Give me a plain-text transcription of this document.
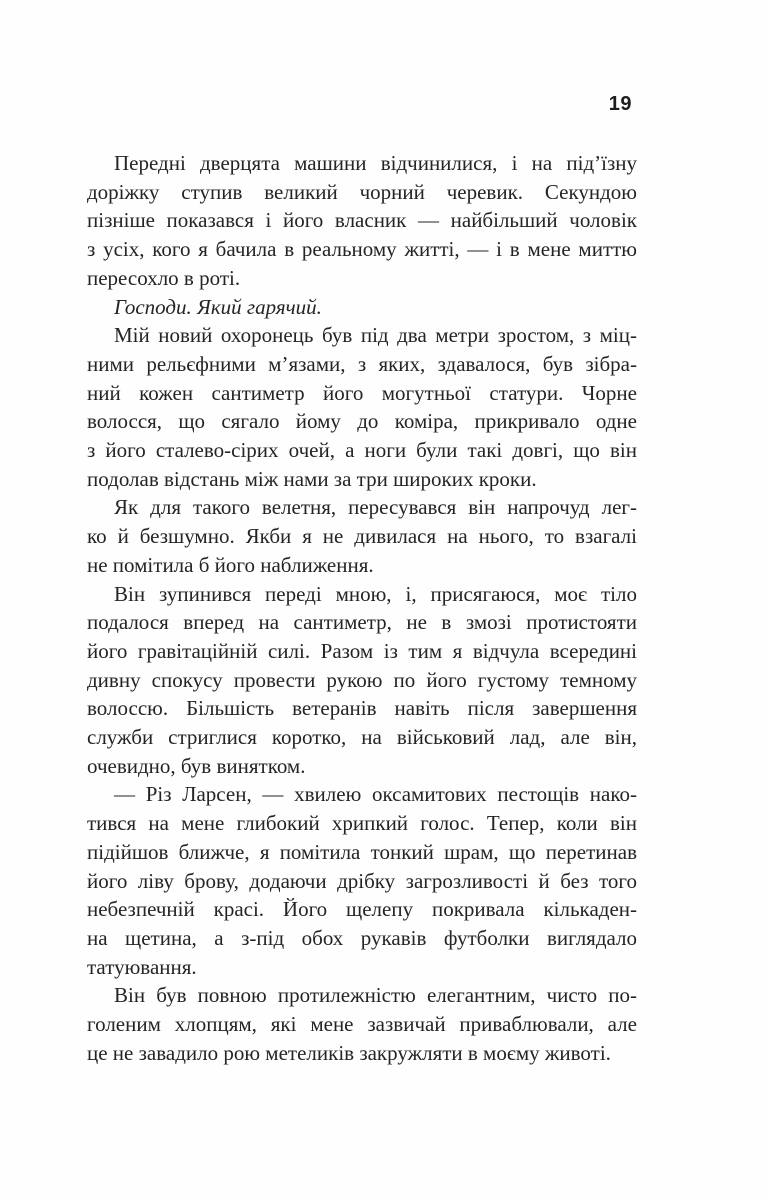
19

Передні дверцята машини відчинилися, і на під’їзну
доріжку ступив великий чорний черевик. Секундою
пізніше показався і його власник — найбільший чоловік
з усіх, кого я бачила в реальному житті, — і в мене миттю
пересохло в роті.

Господи. Який гарячий.

Мій новий охоронець був під два метри зростом, з міц-
ними рельєфними м’язами, з яких, здавалося, був зібра-
ний кожен сантиметр його могутньої статури. Чорне
волосся, що сягало йому до коміра, прикривало одне
з його сталево-сірих очей, а ноги були такі довгі, що він
подолав відстань між нами за три широких кроки.

Як для такого велетня, пересувався він напрочуд лег-
ко й безшумно. Якби я не дивилася на нього, то взагалі
не помітила б його наближення.

Він зупинився переді мною, і, присягаюся, моє тіло
подалося вперед на сантиметр, не в змозі протистояти
його гравітаційній силі. Разом із тим я відчула всередині
дивну спокусу провести рукою по його густому темному
волоссю. Більшість ветеранів навіть після завершення
служби стриглися коротко, на військовий лад, але він,
очевидно, був винятком.

— Різ Ларсен, — хвилею оксамитових пестощів нако-
тився на мене глибокий хрипкий голос. Тепер, коли він
підійшов ближче, я помітила тонкий шрам, що перетинав
його ліву брову, додаючи дрібку загрозливості й без того
небезпечній красі. Його щелепу покривала кількаден-
на щетина, а з-під обох рукавів футболки виглядало
татуювання.

Він був повною протилежністю елегантним, чисто по-
голеним хлопцям, які мене зазвичай приваблювали, але
це не завадило рою метеликів закружляти в моєму животі.
